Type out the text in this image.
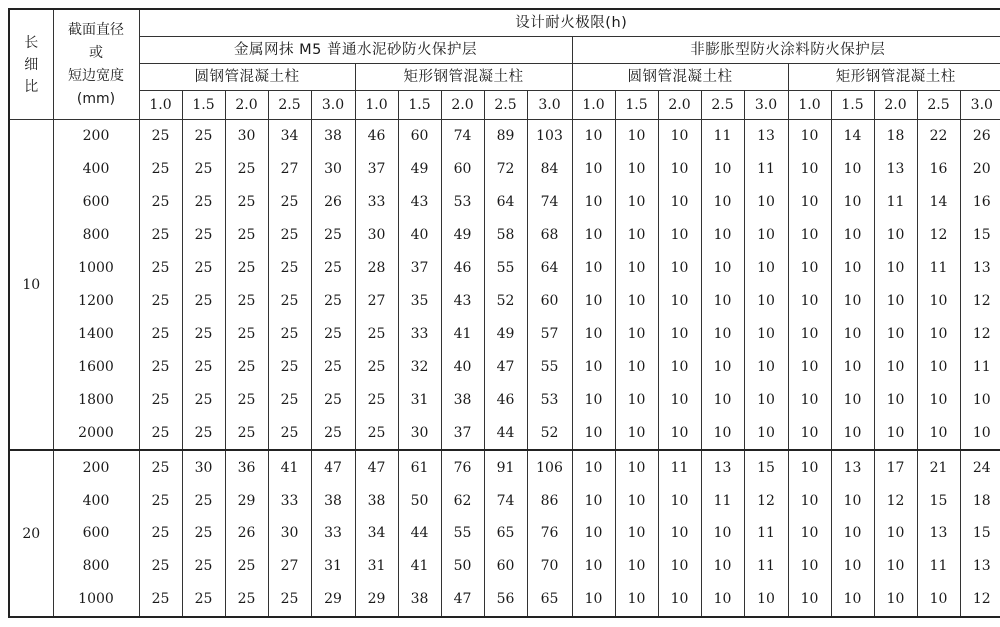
长
细
比	截面直径
或
短边宽度
(mm)	设计耐火极限(h)																			
		金属网抹 M5 普通水泥砂防火保护层										非膨胀型防火涂料防火保护层									
		圆钢管混凝土柱					矩形钢管混凝土柱					圆钢管混凝土柱					矩形钢管混凝土柱				
		1.0	1.5	2.0	2.5	3.0	1.0	1.5	2.0	2.5	3.0	1.0	1.5	2.0	2.5	3.0	1.0	1.5	2.0	2.5	3.0
10	200	25	25	30	34	38	46	60	74	89	103	10	10	10	11	13	10	14	18	22	26
	400	25	25	25	27	30	37	49	60	72	84	10	10	10	10	11	10	10	13	16	20
	600	25	25	25	25	26	33	43	53	64	74	10	10	10	10	10	10	10	11	14	16
	800	25	25	25	25	25	30	40	49	58	68	10	10	10	10	10	10	10	10	12	15
	1000	25	25	25	25	25	28	37	46	55	64	10	10	10	10	10	10	10	10	11	13
	1200	25	25	25	25	25	27	35	43	52	60	10	10	10	10	10	10	10	10	10	12
	1400	25	25	25	25	25	25	33	41	49	57	10	10	10	10	10	10	10	10	10	12
	1600	25	25	25	25	25	25	32	40	47	55	10	10	10	10	10	10	10	10	10	11
	1800	25	25	25	25	25	25	31	38	46	53	10	10	10	10	10	10	10	10	10	10
	2000	25	25	25	25	25	25	30	37	44	52	10	10	10	10	10	10	10	10	10	10
20	200	25	30	36	41	47	47	61	76	91	106	10	10	11	13	15	10	13	17	21	24
	400	25	25	29	33	38	38	50	62	74	86	10	10	10	11	12	10	10	12	15	18
	600	25	25	26	30	33	34	44	55	65	76	10	10	10	10	11	10	10	10	13	15
	800	25	25	25	27	31	31	41	50	60	70	10	10	10	10	11	10	10	10	11	13
	1000	25	25	25	25	29	29	38	47	56	65	10	10	10	10	10	10	10	10	10	12
